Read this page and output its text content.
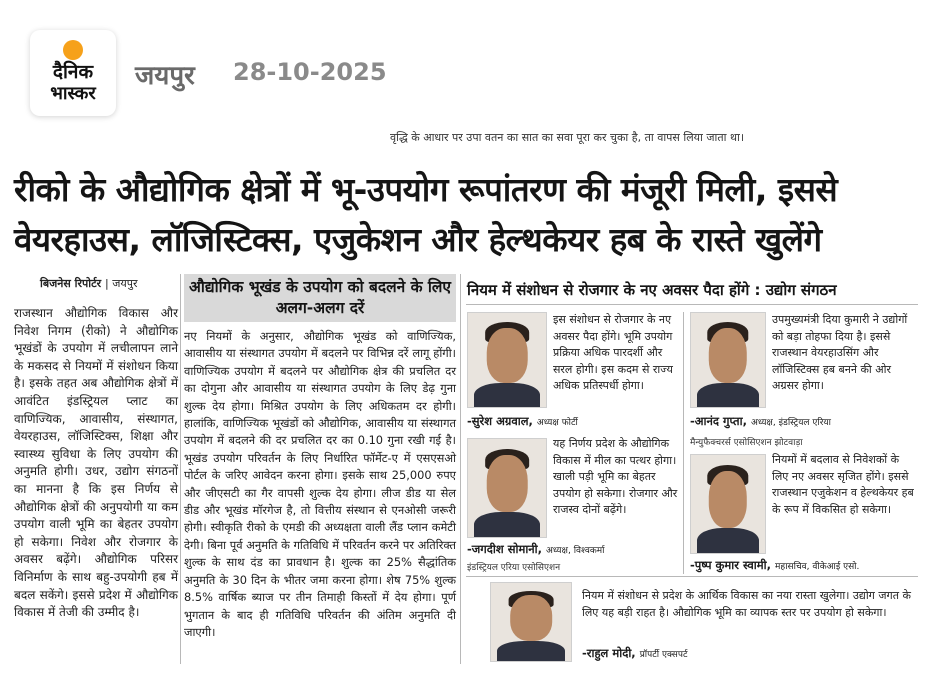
दैनिक
भास्कर
जयपुर 28-10-2025
वृद्धि के आधार पर उपा वतन का सात का सवा पूरा कर चुका है, ता वापस लिया जाता था।
रीको के औद्योगिक क्षेत्रों में भू-उपयोग रूपांतरण की मंजूरी मिली, इससे
वेयरहाउस, लॉजिस्टिक्स, एजुकेशन और हेल्थकेयर हब के रास्ते खुलेंगे
बिजनेस रिपोर्टर | जयपुर
राजस्थान औद्योगिक विकास और निवेश निगम (रीको) ने औद्योगिक भूखंडों के उपयोग में लचीलापन लाने के मकसद से नियमों में संशोधन किया है। इसके तहत अब औद्योगिक क्षेत्रों में आवंटित इंडस्ट्रियल प्लाट का वाणिज्यिक, आवासीय, संस्थागत, वेयरहाउस, लॉजिस्टिक्स, शिक्षा और स्वास्थ्य सुविधा के लिए उपयोग की अनुमति होगी। उधर, उद्योग संगठनों का मानना है कि इस निर्णय से औद्योगिक क्षेत्रों की अनुपयोगी या कम उपयोग वाली भूमि का बेहतर उपयोग हो सकेगा। निवेश और रोजगार के अवसर बढ़ेंगे। औद्योगिक परिसर विनिर्माण के साथ बहु-उपयोगी हब में बदल सकेंगे। इससे प्रदेश में औद्योगिक विकास में तेजी की उम्मीद है।
औद्योगिक भूखंड के उपयोग को बदलने के लिए अलग-अलग दरें
नए नियमों के अनुसार, औद्योगिक भूखंड को वाणिज्यिक, आवासीय या संस्थागत उपयोग में बदलने पर विभिन्न दरें लागू होंगी। वाणिज्यिक उपयोग में बदलने पर औद्योगिक क्षेत्र की प्रचलित दर का दोगुना और आवासीय या संस्थागत उपयोग के लिए डेढ़ गुना शुल्क देय होगा। मिश्रित उपयोग के लिए अधिकतम दर होगी। हालांकि, वाणिज्यिक भूखंडों को औद्योगिक, आवासीय या संस्थागत उपयोग में बदलने की दर प्रचलित दर का 0.10 गुना रखी गई है। भूखंड उपयोग परिवर्तन के लिए निर्धारित फॉर्मेट-ए में एसएसओ पोर्टल के जरिए आवेदन करना होगा। इसके साथ 25,000 रुपए और जीएसटी का गैर वापसी शुल्क देय होगा। लीज डीड या सेल डीड और भूखंड मॉरगेज है, तो वित्तीय संस्थान से एनओसी जरूरी होगी। स्वीकृति रीको के एमडी की अध्यक्षता वाली लैंड प्लान कमेटी देगी। बिना पूर्व अनुमति के गतिविधि में परिवर्तन करने पर अतिरिक्त शुल्क के साथ दंड का प्रावधान है। शुल्क का 25% सैद्धांतिक अनुमति के 30 दिन के भीतर जमा करना होगा। शेष 75% शुल्क 8.5% वार्षिक ब्याज पर तीन तिमाही किस्तों में देय होगा। पूर्ण भुगतान के बाद ही गतिविधि परिवर्तन की अंतिम अनुमति दी जाएगी।
नियम में संशोधन से रोजगार के नए अवसर पैदा होंगे : उद्योग संगठन
इस संशोधन से रोजगार के नए अवसर पैदा होंगे। भूमि उपयोग प्रक्रिया अधिक पारदर्शी और सरल होगी। इस कदम से राज्य अधिक प्रतिस्पर्धी होगा।
-सुरेश अग्रवाल, अध्यक्ष फोर्टी
उपमुख्यमंत्री दिया कुमारी ने उद्योगों को बड़ा तोहफा दिया है। इससे राजस्थान वेयरहाउसिंग और लॉजिस्टिक्स हब बनने की ओर अग्रसर होगा।
-आनंद गुप्ता, अध्यक्ष, इंडस्ट्रियल एरिया
मैन्युफैक्चरर्स एसोसिएशन झोटवाड़ा
यह निर्णय प्रदेश के औद्योगिक विकास में मील का पत्थर होगा। खाली पड़ी भूमि का बेहतर उपयोग हो सकेगा। रोजगार और राजस्व दोनों बढ़ेंगे।
-जगदीश सोमानी, अध्यक्ष, विश्वकर्मा
इंडस्ट्रियल एरिया एसोसिएशन
नियमों में बदलाव से निवेशकों के लिए नए अवसर सृजित होंगे। इससे राजस्थान एजुकेशन व हेल्थकेयर हब के रूप में विकसित हो सकेगा।
-पुष्प कुमार स्वामी, महासचिव, वीकेआई एसो.
नियम में संशोधन से प्रदेश के आर्थिक विकास का नया रास्ता खुलेगा। उद्योग जगत के लिए यह बड़ी राहत है। औद्योगिक भूमि का व्यापक स्तर पर उपयोग हो सकेगा।
-राहुल मोदी, प्रॉपर्टी एक्सपर्ट
